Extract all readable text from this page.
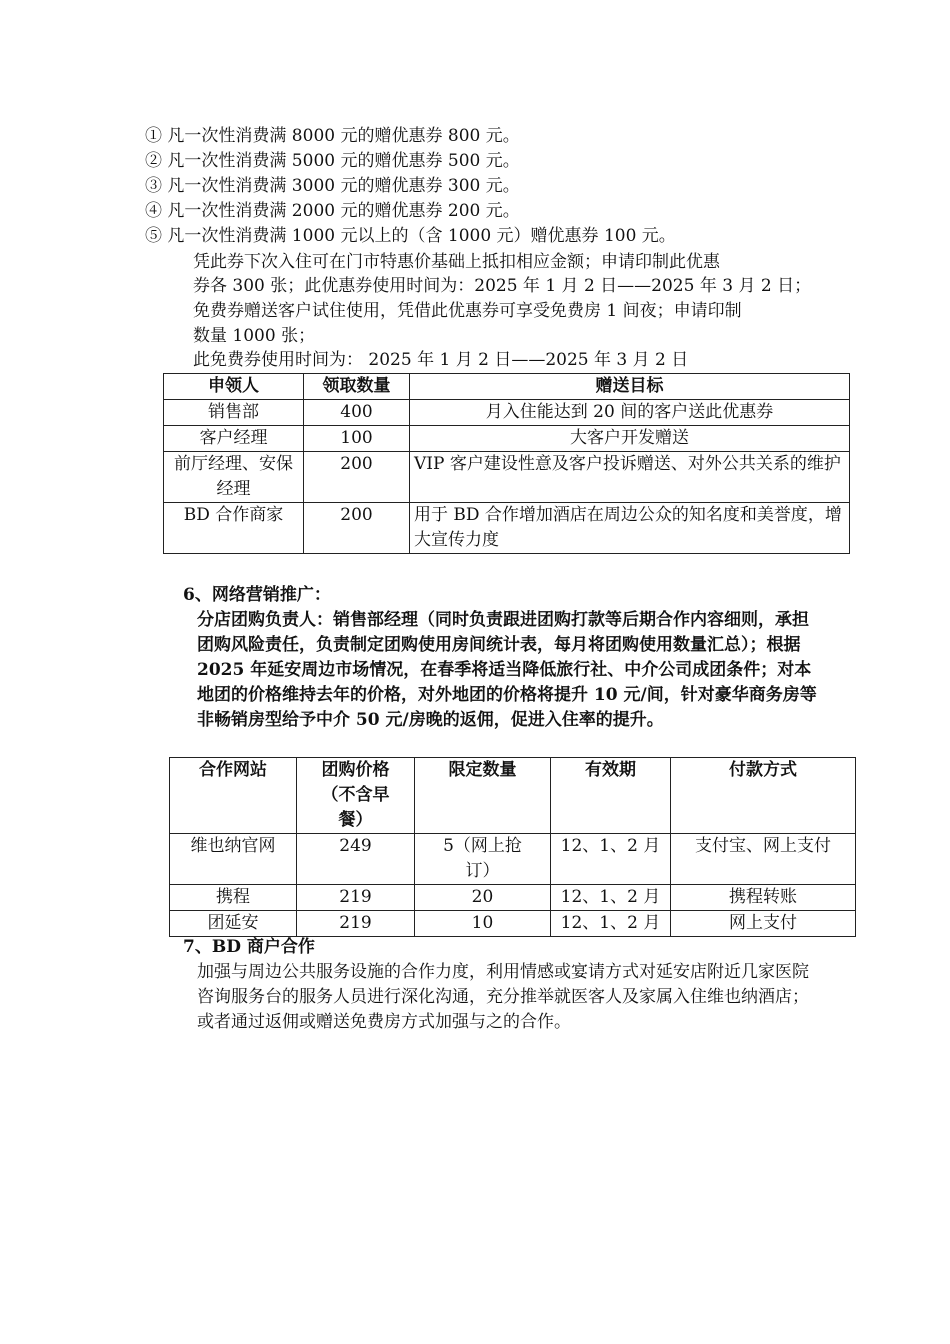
① 凡一次性消费满 8000 元的赠优惠券 800 元。
② 凡一次性消费满 5000 元的赠优惠券 500 元。
③ 凡一次性消费满 3000 元的赠优惠券 300 元。
④ 凡一次性消费满 2000 元的赠优惠券 200 元。
⑤ 凡一次性消费满 1000 元以上的（含 1000 元）赠优惠券 100 元。
凭此券下次入住可在门市特惠价基础上抵扣相应金额；申请印制此优惠
券各 300 张；此优惠券使用时间为：2025 年 1 月 2 日——2025 年 3 月 2 日；
免费券赠送客户试住使用，凭借此优惠券可享受免费房 1 间夜；申请印制
数量 1000 张；
此免费券使用时间为： 2025 年 1 月 2 日——2025 年 3 月 2 日
申领人	领取数量	赠送目标
销售部	400	月入住能达到 20 间的客户送此优惠券
客户经理	100	大客户开发赠送
前厅经理、安保经理	200	VIP 客户建设性意及客户投诉赠送、对外公共关系的维护
BD 合作商家	200	用于 BD 合作增加酒店在周边公众的知名度和美誉度，增大宣传力度
6、网络营销推广：
分店团购负责人：销售部经理（同时负责跟进团购打款等后期合作内容细则，承担团购风险责任，负责制定团购使用房间统计表，每月将团购使用数量汇总）；根据 2025 年延安周边市场情况，在春季将适当降低旅行社、中介公司成团条件；对本地团的价格维持去年的价格，对外地团的价格将提升 10 元/间，针对豪华商务房等非畅销房型给予中介 50 元/房晚的返佣，促进入住率的提升。
合作网站	团购价格（不含早餐）	限定数量	有效期	付款方式
维也纳官网	249	5（网上抢订）	12、1、2 月	支付宝、网上支付
携程	219	20	12、1、2 月	携程转账
团延安	219	10	12、1、2 月	网上支付
7、BD 商户合作
加强与周边公共服务设施的合作力度，利用情感或宴请方式对延安店附近几家医院咨询服务台的服务人员进行深化沟通，充分推举就医客人及家属入住维也纳酒店；或者通过返佣或赠送免费房方式加强与之的合作。
